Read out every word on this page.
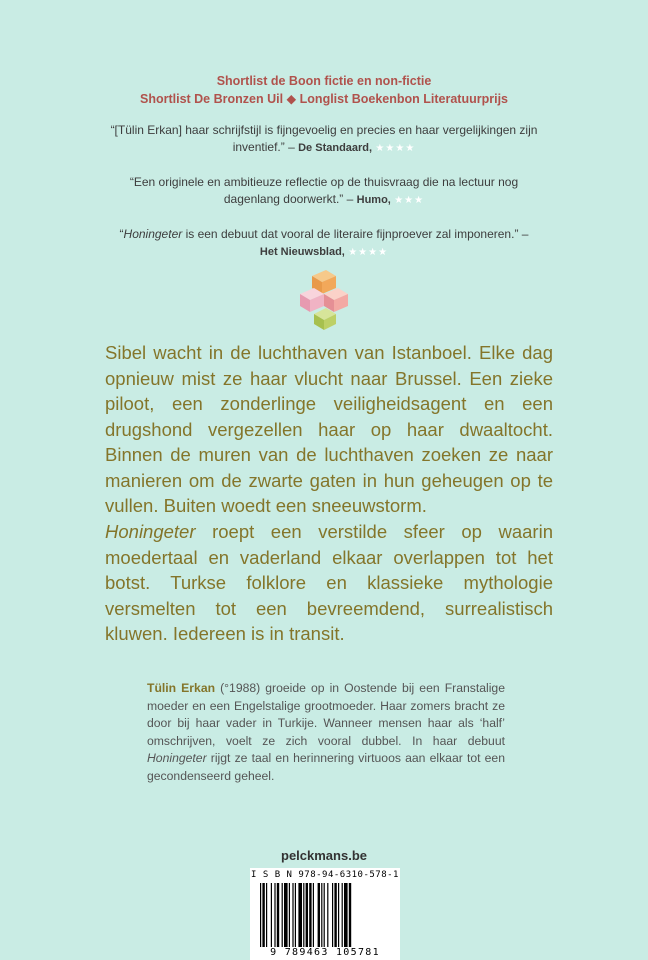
Shortlist de Boon fictie en non-fictie
Shortlist De Bronzen Uil ◆ Longlist Boekenbon Literatuurprijs
“[Tülin Erkan] haar schrijfstijl is fijngevoelig en precies en haar vergelijkingen zijn inventief.” – De Standaard, ★★★★
“Een originele en ambitieuze reflectie op de thuisvraag die na lectuur nog dagenlang doorwerkt.” – Humo, ★★★
“Honingeter is een debuut dat vooral de literaire fijnproever zal imponeren.” – Het Nieuwsblad, ★★★★
Sibel wacht in de luchthaven van Istanboel. Elke dag opnieuw mist ze haar vlucht naar Brussel. Een zieke piloot, een zonderlinge veiligheidsagent en een drugshond vergezellen haar op haar dwaaltocht. Binnen de muren van de luchthaven zoeken ze naar manieren om de zwarte gaten in hun geheugen op te vullen. Buiten woedt een sneeuwstorm.
Honingeter roept een verstilde sfeer op waarin moedertaal en vaderland elkaar overlappen tot het botst. Turkse folklore en klassieke mythologie versmelten tot een bevreemdend, surrealistisch kluwen. Iedereen is in transit.
Tülin Erkan (°1988) groeide op in Oostende bij een Franstalige moeder en een Engelstalige grootmoeder. Haar zomers bracht ze door bij haar vader in Turkije. Wanneer mensen haar als ‘half’ omschrijven, voelt ze zich vooral dubbel. In haar debuut Honingeter rijgt ze taal en herinnering virtuoos aan elkaar tot een gecondenseerd geheel.
pelckmans.be
I S B N 978-94-6310-578-1
9 789463 105781
